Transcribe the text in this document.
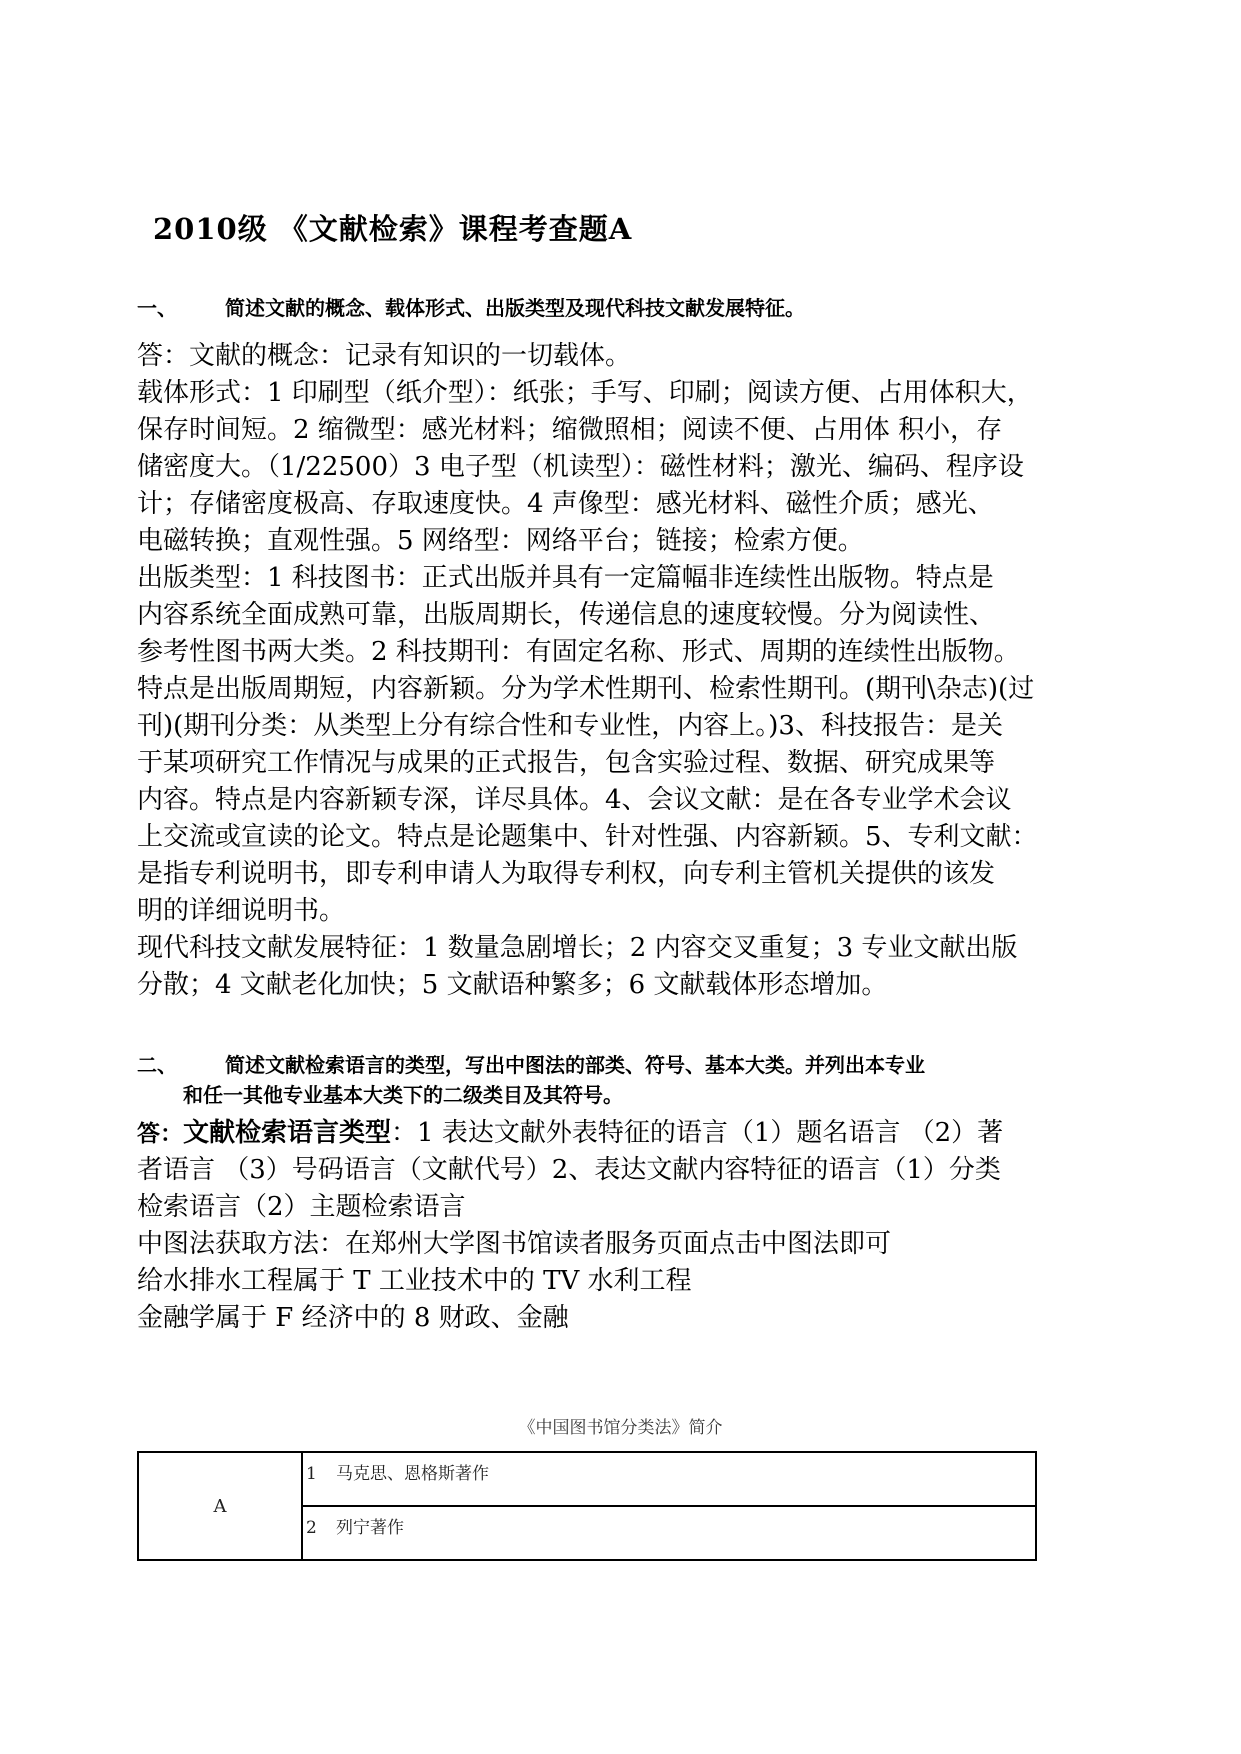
2010级 《文献检索》课程考查题A
一、 简述文献的概念、载体形式、出版类型及现代科技文献发展特征。
答：文献的概念：记录有知识的一切载体。
载体形式：1 印刷型（纸介型）：纸张；手写、印刷；阅读方便、占用体积大，
保存时间短。2 缩微型：感光材料；缩微照相；阅读不便、占用体 积小，存
储密度大。（1/22500）3 电子型（机读型）：磁性材料；激光、编码、程序设
计；存储密度极高、存取速度快。4 声像型：感光材料、磁性介质；感光、
电磁转换；直观性强。5 网络型：网络平台；链接；检索方便。
出版类型：1 科技图书：正式出版并具有一定篇幅非连续性出版物。特点是
内容系统全面成熟可靠，出版周期长，传递信息的速度较慢。分为阅读性、
参考性图书两大类。2 科技期刊：有固定名称、形式、周期的连续性出版物。
特点是出版周期短，内容新颖。分为学术性期刊、检索性期刊。(期刊\杂志)(过
刊)(期刊分类：从类型上分有综合性和专业性，内容上。)3、科技报告：是关
于某项研究工作情况与成果的正式报告，包含实验过程、数据、研究成果等
内容。特点是内容新颖专深，详尽具体。4、会议文献：是在各专业学术会议
上交流或宣读的论文。特点是论题集中、针对性强、内容新颖。5、专利文献：
是指专利说明书，即专利申请人为取得专利权，向专利主管机关提供的该发
明的详细说明书。
现代科技文献发展特征：1 数量急剧增长；2 内容交叉重复；3 专业文献出版
分散；4 文献老化加快；5 文献语种繁多；6 文献载体形态增加。
二、 简述文献检索语言的类型，写出中图法的部类、符号、基本大类。并列出本专业
和任一其他专业基本大类下的二级类目及其符号。
答：文献检索语言类型：1 表达文献外表特征的语言（1）题名语言 （2）著
者语言 （3）号码语言（文献代号）2、表达文献内容特征的语言（1）分类
检索语言（2）主题检索语言
中图法获取方法：在郑州大学图书馆读者服务页面点击中图法即可
给水排水工程属于 T 工业技术中的 TV 水利工程
金融学属于 F 经济中的 8 财政、金融
《中国图书馆分类法》简介
A	1 马克思、恩格斯著作
2 列宁著作
